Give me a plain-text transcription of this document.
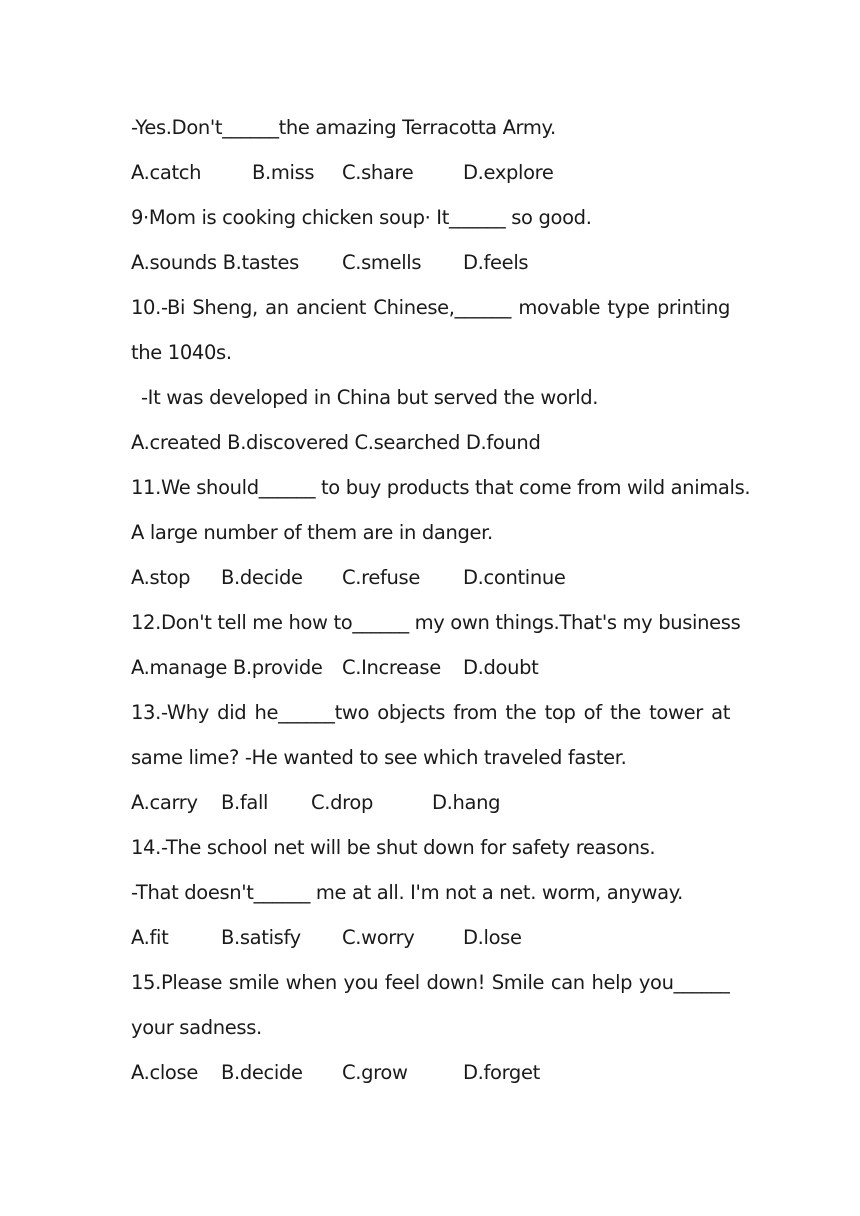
-Yes.Don't______the amazing Terracotta Army.
A.catch	B.miss	C.share	D.explore
9·Mom is cooking chicken soup· It______ so good.
A.sounds B.tastes	C.smells	D.feels
10.-Bi Sheng, an ancient Chinese,______ movable type printing
the 1040s.
-It was developed in China but served the world.
A.created B.discovered C.searched D.found
11.We should______ to buy products that come from wild animals.
A large number of them are in danger.
A.stop	B.decide	C.refuse	D.continue
12.Don't tell me how to______ my own things.That's my business
A.manage B.provide C.Increase	D.doubt
13.-Why did he______two objects from the top of the tower at
same lime? -He wanted to see which traveled faster.
A.carry	B.fall	C.drop	D.hang
14.-The school net will be shut down for safety reasons.
-That doesn't______ me at all. I'm not a net. worm, anyway.
A.fit	B.satisfy	C.worry	D.lose
15.Please smile when you feel down! Smile can help you______
your sadness.
A.close	B.decide	C.grow	D.forget
